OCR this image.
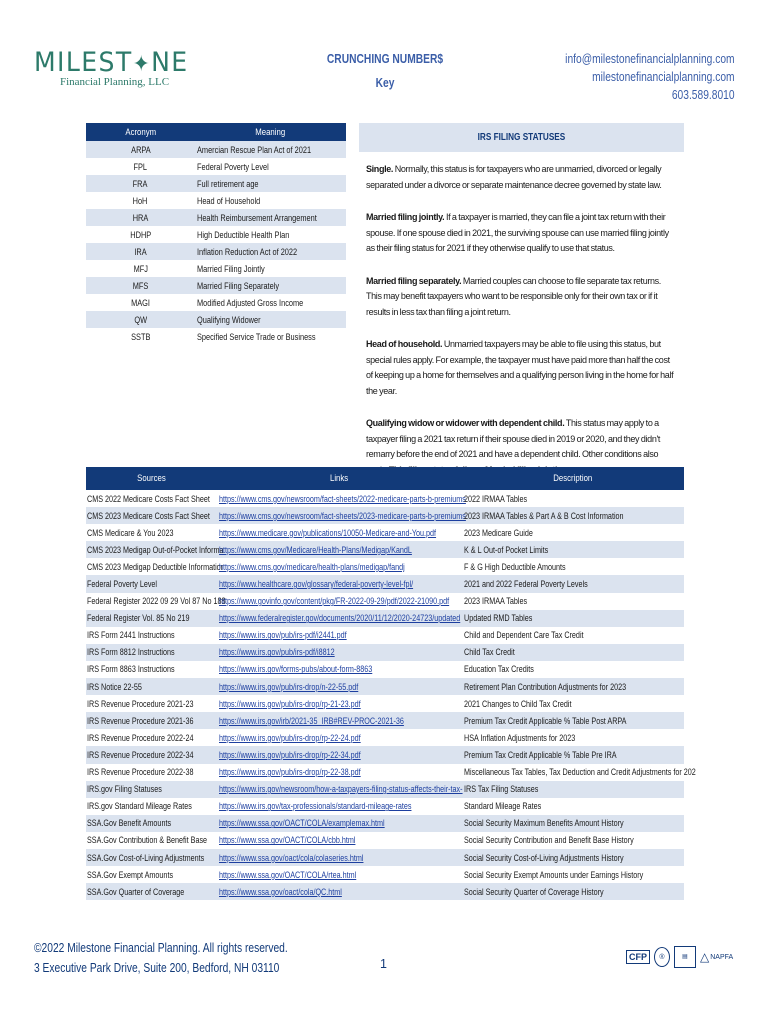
MILEST✦NE
Financial Planning, LLC
CRUNCHING NUMBER$
Key
info@milestonefinancialplanning.com
milestonefinancialplanning.com
603.589.8010
Acronym	Meaning
ARPA	Amercian Rescue Plan Act of 2021
FPL	Federal Poverty Level
FRA	Full retirement age
HoH	Head of Household
HRA	Health Reimbursement Arrangement
HDHP	High Deductible Health Plan
IRA	Inflation Reduction Act of 2022
MFJ	Married Filing Jointly
MFS	Married Filing Separately
MAGI	Modified Adjusted Gross Income
QW	Qualifying Widower
SSTB	Specified Service Trade or Business
IRS FILING STATUSES

Single. Normally, this status is for taxpayers who are unmarried, divorced or legally separated under a divorce or separate maintenance decree governed by state law.

Married filing jointly. If a taxpayer is married, they can file a joint tax return with their spouse. If one spouse died in 2021, the surviving spouse can use married filing jointly as their filing status for 2021 if they otherwise qualify to use that status.

Married filing separately. Married couples can choose to file separate tax returns. This may benefit taxpayers who want to be responsible only for their own tax or if it results in less tax than filing a joint return.

Head of household. Unmarried taxpayers may be able to file using this status, but special rules apply. For example, the taxpayer must have paid more than half the cost of keeping up a home for themselves and a qualifying person living in the home for half the year.

Qualifying widow or widower with dependent child. This status may apply to a taxpayer filing a 2021 tax return if their spouse died in 2019 or 2020, and they didn't remarry before the end of 2021 and have a dependent child. Other conditions also

Sources	Links	Description
CMS 2022 Medicare Costs Fact Sheet	https://www.cms.gov/newsroom/fact-sheets/2022-medicare-parts-b-premiums	2022 IRMAA Tables
CMS 2023 Medicare Costs Fact Sheet	https://www.cms.gov/newsroom/fact-sheets/2023-medicare-parts-b-premiums	2023 IRMAA Tables & Part A & B Cost Information
CMS Medicare & You 2023	https://www.medicare.gov/publications/10050-Medicare-and-You.pdf	2023 Medicare Guide
CMS 2023 Medigap Out-of-Pocket Informa	https://www.cms.gov/Medicare/Health-Plans/Medigap/KandL	K & L Out-of Pocket Limits
CMS 2023 Medigap Deductible Informatior	https://www.cms.gov/medicare/health-plans/medigap/fandj	F & G High Deductible Amounts
Federal Poverty Level	https://www.healthcare.gov/glossary/federal-poverty-level-fpl/	2021 and 2022 Federal Poverty Levels
Federal Register 2022 09 29 Vol 87 No 188	https://www.govinfo.gov/content/pkg/FR-2022-09-29/pdf/2022-21090.pdf	2023 IRMAA Tables
Federal Register Vol. 85 No 219	https://www.federalregister.gov/documents/2020/11/12/2020-24723/updated	Updated RMD Tables
IRS Form 2441 Instructions	https://www.irs.gov/pub/irs-pdf/i2441.pdf	Child and Dependent Care Tax Credit
IRS Form 8812 Instructions	https://www.irs.gov/pub/irs-pdf/i8812	Child Tax Credit
IRS Form 8863 Instructions	https://www.irs.gov/forms-pubs/about-form-8863	Education Tax Credits
IRS Notice 22-55	https://www.irs.gov/pub/irs-drop/n-22-55.pdf	Retirement Plan Contribution Adjustments for 2023
IRS Revenue Procedure 2021-23	https://www.irs.gov/pub/irs-drop/rp-21-23.pdf	2021 Changes to Child Tax Credit
IRS Revenue Procedure 2021-36	https://www.irs.gov/irb/2021-35_IRB#REV-PROC-2021-36	Premium Tax Credit Applicable % Table Post ARPA
IRS Revenue Procedure 2022-24	https://www.irs.gov/pub/irs-drop/rp-22-24.pdf	HSA Inflation Adjustments for 2023
IRS Revenue Procedure 2022-34	https://www.irs.gov/pub/irs-drop/rp-22-34.pdf	Premium Tax Credit Applicable % Table Pre IRA
IRS Revenue Procedure 2022-38	https://www.irs.gov/pub/irs-drop/rp-22-38.pdf	Miscellaneous Tax Tables, Tax Deduction and Credit Adjustments for 202
IRS.gov Filing Statuses	https://www.irs.gov/newsroom/how-a-taxpayers-filing-status-affects-their-tax-	IRS Tax Filing Statuses
IRS.gov Standard Mileage Rates	https://www.irs.gov/tax-professionals/standard-mileage-rates	Standard Mileage Rates
SSA.Gov Benefit Amounts	https://www.ssa.gov/OACT/COLA/examplemax.html	Social Security Maximum Benefits Amount History
SSA.Gov Contribution & Benefit Base	https://www.ssa.gov/OACT/COLA/cbb.html	Social Security Contribution and Benefit Base History
SSA.Gov Cost-of-Living Adjustments	https://www.ssa.gov/oact/cola/colaseries.html	Social Security Cost-of-Living Adjustments History
SSA.Gov Exempt Amounts	https://www.ssa.gov/OACT/COLA/rtea.html	Social Security Exempt Amounts under Earnings History
SSA.Gov Quarter of Coverage	https://www.ssa.gov/oact/cola/QC.html	Social Security Quarter of Coverage History
©2022 Milestone Financial Planning. All rights reserved.
3 Executive Park Drive, Suite 200, Bedford, NH 03110	1	CFP	®	▤	△ NAPFA
